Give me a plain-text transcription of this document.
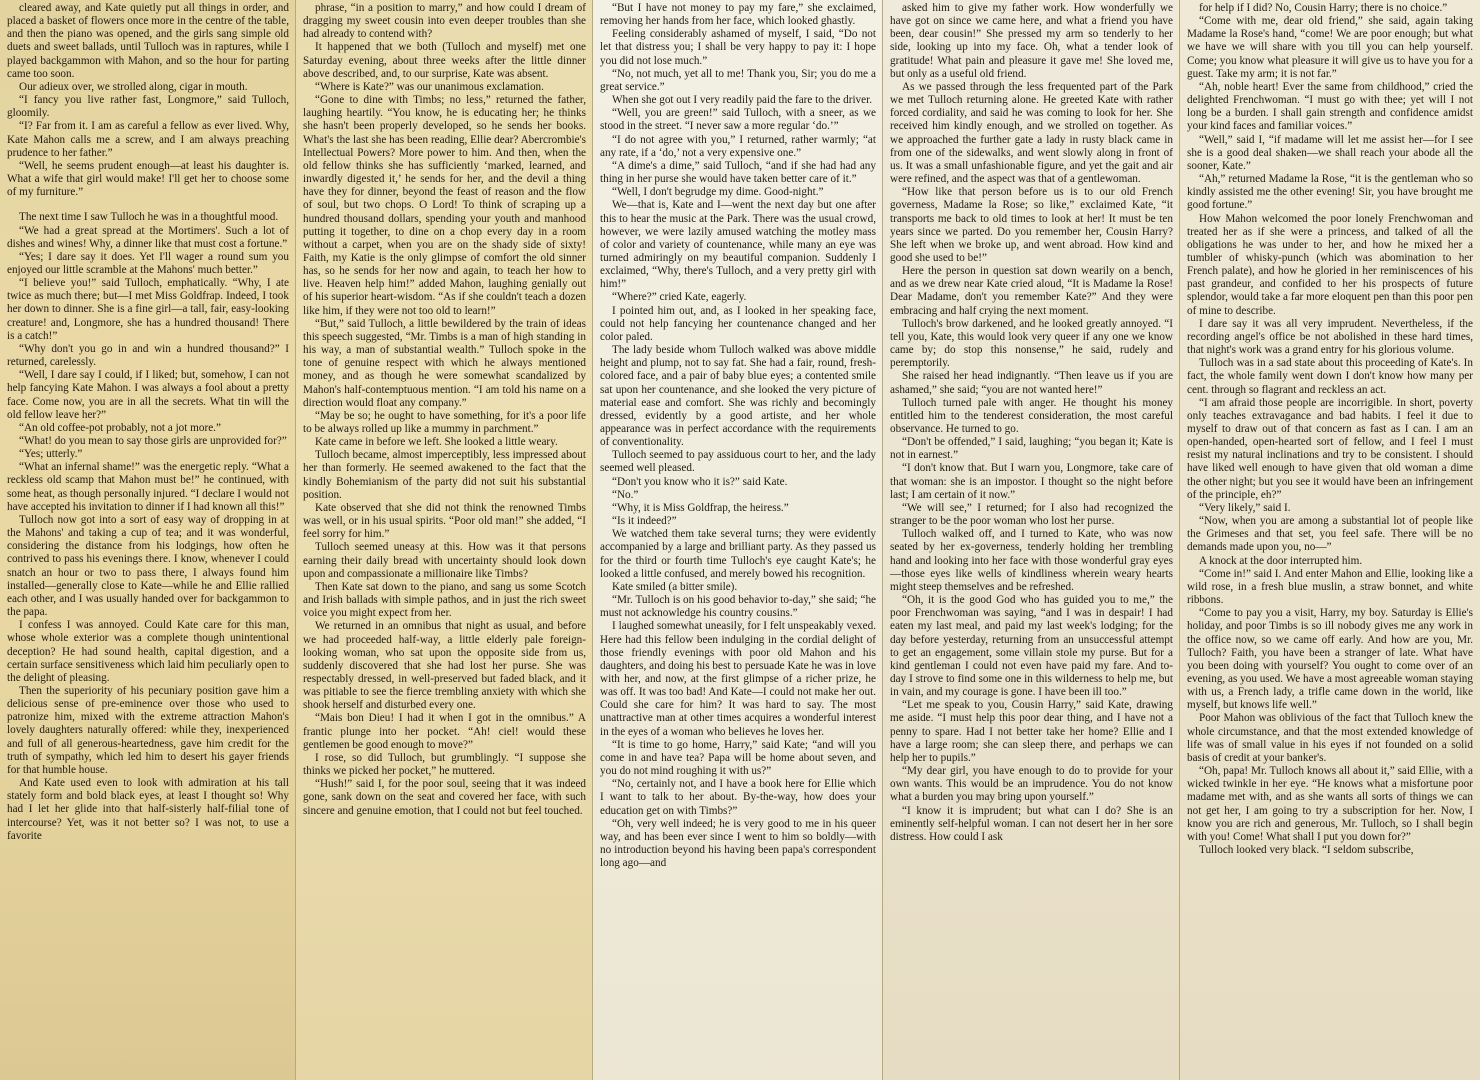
cleared away, and Kate quietly put all things in order, and placed a basket of flowers once more in the centre of the table, and then the piano was opened, and the girls sang simple old duets and sweet ballads, until Tulloch was in raptures, while I played backgammon with Mahon, and so the hour for parting came too soon.

Our adieux over, we strolled along, cigar in mouth.

“I fancy you live rather fast, Longmore,” said Tulloch, gloomily.

“I? Far from it. I am as careful a fellow as ever lived. Why, Kate Mahon calls me a screw, and I am always preaching prudence to her father.”

“Well, he seems prudent enough—at least his daughter is. What a wife that girl would make! I'll get her to choose some of my furniture.”

The next time I saw Tulloch he was in a thoughtful mood.

“We had a great spread at the Mortimers'. Such a lot of dishes and wines! Why, a dinner like that must cost a fortune.”

“Yes; I dare say it does. Yet I'll wager a round sum you enjoyed our little scramble at the Mahons' much better.”

“I believe you!” said Tulloch, emphatically. “Why, I ate twice as much there; but—I met Miss Goldfrap. Indeed, I took her down to dinner. She is a fine girl—a tall, fair, easy-looking creature! and, Longmore, she has a hundred thousand! There is a catch!”

“Why don't you go in and win a hundred thousand?” I returned, carelessly.

“Well, I dare say I could, if I liked; but, somehow, I can not help fancying Kate Mahon. I was always a fool about a pretty face. Come now, you are in all the secrets. What tin will the old fellow leave her?”

“An old coffee-pot probably, not a jot more.”

“What! do you mean to say those girls are unprovided for?”

“Yes; utterly.”

“What an infernal shame!” was the energetic reply. “What a reckless old scamp that Mahon must be!” he continued, with some heat, as though personally injured. “I declare I would not have accepted his invitation to dinner if I had known all this!”

Tulloch now got into a sort of easy way of dropping in at the Mahons' and taking a cup of tea; and it was wonderful, considering the distance from his lodgings, how often he contrived to pass his evenings there. I know, whenever I could snatch an hour or two to pass there, I always found him installed—generally close to Kate—while he and Ellie rallied each other, and I was usually handed over for backgammon to the papa.

I confess I was annoyed. Could Kate care for this man, whose whole exterior was a complete though unintentional deception? He had sound health, capital digestion, and a certain surface sensitiveness which laid him peculiarly open to the delight of pleasing.

Then the superiority of his pecuniary position gave him a delicious sense of pre-eminence over those who used to patronize him, mixed with the extreme attraction Mahon's lovely daughters naturally offered: while they, inexperienced and full of all generous-heartedness, gave him credit for the truth of sympathy, which led him to desert his gayer friends for that humble house.

And Kate used even to look with admiration at his tall stately form and bold black eyes, at least I thought so! Why had I let her glide into that half-sisterly half-filial tone of intercourse? Yet, was it not better so? I was not, to use a favorite

phrase, “in a position to marry,” and how could I dream of dragging my sweet cousin into even deeper troubles than she had already to contend with?

It happened that we both (Tulloch and myself) met one Saturday evening, about three weeks after the little dinner above described, and, to our surprise, Kate was absent.

“Where is Kate?” was our unanimous exclamation.

“Gone to dine with Timbs; no less,” returned the father, laughing heartily. “You know, he is educating her; he thinks she hasn't been properly developed, so he sends her books. What's the last she has been reading, Ellie dear? Abercrombie's Intellectual Powers? More power to him. And then, when the old fellow thinks she has sufficiently ‘marked, learned, and inwardly digested it,’ he sends for her, and the devil a thing have they for dinner, beyond the feast of reason and the flow of soul, but two chops. O Lord! To think of scraping up a hundred thousand dollars, spending your youth and manhood putting it together, to dine on a chop every day in a room without a carpet, when you are on the shady side of sixty! Faith, my Katie is the only glimpse of comfort the old sinner has, so he sends for her now and again, to teach her how to live. Heaven help him!” added Mahon, laughing genially out of his superior heart-wisdom. “As if she couldn't teach a dozen like him, if they were not too old to learn!”

“But,” said Tulloch, a little bewildered by the train of ideas this speech suggested, “Mr. Timbs is a man of high standing in his way, a man of substantial wealth.” Tulloch spoke in the tone of genuine respect with which he always mentioned money, and as though he were somewhat scandalized by Mahon's half-contemptuous mention. “I am told his name on a direction would float any company.”

“May be so; he ought to have something, for it's a poor life to be always rolled up like a mummy in parchment.”

Kate came in before we left. She looked a little weary.

Tulloch became, almost imperceptibly, less impressed about her than formerly. He seemed awakened to the fact that the kindly Bohemianism of the party did not suit his substantial position.

Kate observed that she did not think the renowned Timbs was well, or in his usual spirits. “Poor old man!” she added, “I feel sorry for him.”

Tulloch seemed uneasy at this. How was it that persons earning their daily bread with uncertainty should look down upon and compassionate a millionaire like Timbs?

Then Kate sat down to the piano, and sang us some Scotch and Irish ballads with simple pathos, and in just the rich sweet voice you might expect from her.

We returned in an omnibus that night as usual, and before we had proceeded half-way, a little elderly pale foreign-looking woman, who sat upon the opposite side from us, suddenly discovered that she had lost her purse. She was respectably dressed, in well-preserved but faded black, and it was pitiable to see the fierce trembling anxiety with which she shook herself and disturbed every one.

“Mais bon Dieu! I had it when I got in the omnibus.” A frantic plunge into her pocket. “Ah! ciel! would these gentlemen be good enough to move?”

I rose, so did Tulloch, but grumblingly. “I suppose she thinks we picked her pocket,” he muttered.

“Hush!” said I, for the poor soul, seeing that it was indeed gone, sank down on the seat and covered her face, with such sincere and genuine emotion, that I could not but feel touched.

“But I have not money to pay my fare,” she exclaimed, removing her hands from her face, which looked ghastly.

Feeling considerably ashamed of myself, I said, “Do not let that distress you; I shall be very happy to pay it: I hope you did not lose much.”

“No, not much, yet all to me! Thank you, Sir; you do me a great service.”

When she got out I very readily paid the fare to the driver.

“Well, you are green!” said Tulloch, with a sneer, as we stood in the street. “I never saw a more regular ‘do.’”

“I do not agree with you,” I returned, rather warmly; “at any rate, if a ‘do,’ not a very expensive one.”

“A dime's a dime,” said Tulloch, “and if she had had any thing in her purse she would have taken better care of it.”

“Well, I don't begrudge my dime. Good-night.”

We—that is, Kate and I—went the next day but one after this to hear the music at the Park. There was the usual crowd, however, we were lazily amused watching the motley mass of color and variety of countenance, while many an eye was turned admiringly on my beautiful companion. Suddenly I exclaimed, “Why, there's Tulloch, and a very pretty girl with him!”

“Where?” cried Kate, eagerly.

I pointed him out, and, as I looked in her speaking face, could not help fancying her countenance changed and her color paled.

The lady beside whom Tulloch walked was above middle height and plump, not to say fat. She had a fair, round, fresh-colored face, and a pair of baby blue eyes; a contented smile sat upon her countenance, and she looked the very picture of material ease and comfort. She was richly and becomingly dressed, evidently by a good artiste, and her whole appearance was in perfect accordance with the requirements of conventionality.

Tulloch seemed to pay assiduous court to her, and the lady seemed well pleased.

“Don't you know who it is?” said Kate.

“No.”

“Why, it is Miss Goldfrap, the heiress.”

“Is it indeed?”

We watched them take several turns; they were evidently accompanied by a large and brilliant party. As they passed us for the third or fourth time Tulloch's eye caught Kate's; he looked a little confused, and merely bowed his recognition.

Kate smiled (a bitter smile).

“Mr. Tulloch is on his good behavior to-day,” she said; “he must not acknowledge his country cousins.”

I laughed somewhat uneasily, for I felt unspeakably vexed. Here had this fellow been indulging in the cordial delight of those friendly evenings with poor old Mahon and his daughters, and doing his best to persuade Kate he was in love with her, and now, at the first glimpse of a richer prize, he was off. It was too bad! And Kate—I could not make her out. Could she care for him? It was hard to say. The most unattractive man at other times acquires a wonderful interest in the eyes of a woman who believes he loves her.

“It is time to go home, Harry,” said Kate; “and will you come in and have tea? Papa will be home about seven, and you do not mind roughing it with us?”

“No, certainly not, and I have a book here for Ellie which I want to talk to her about. By-the-way, how does your education get on with Timbs?”

“Oh, very well indeed; he is very good to me in his queer way, and has been ever since I went to him so boldly—with no introduction beyond his having been papa's correspondent long ago—and

asked him to give my father work. How wonderfully we have got on since we came here, and what a friend you have been, dear cousin!” She pressed my arm so tenderly to her side, looking up into my face. Oh, what a tender look of gratitude! What pain and pleasure it gave me! She loved me, but only as a useful old friend.

As we passed through the less frequented part of the Park we met Tulloch returning alone. He greeted Kate with rather forced cordiality, and said he was coming to look for her. She received him kindly enough, and we strolled on together. As we approached the further gate a lady in rusty black came in from one of the sidewalks, and went slowly along in front of us. It was a small unfashionable figure, and yet the gait and air were refined, and the aspect was that of a gentlewoman.

“How like that person before us is to our old French governess, Madame la Rose; so like,” exclaimed Kate, “it transports me back to old times to look at her! It must be ten years since we parted. Do you remember her, Cousin Harry? She left when we broke up, and went abroad. How kind and good she used to be!”

Here the person in question sat down wearily on a bench, and as we drew near Kate cried aloud, “It is Madame la Rose! Dear Madame, don't you remember Kate?” And they were embracing and half crying the next moment.

Tulloch's brow darkened, and he looked greatly annoyed. “I tell you, Kate, this would look very queer if any one we know came by; do stop this nonsense,” he said, rudely and peremptorily.

She raised her head indignantly. “Then leave us if you are ashamed,” she said; “you are not wanted here!”

Tulloch turned pale with anger. He thought his money entitled him to the tenderest consideration, the most careful observance. He turned to go.

“Don't be offended,” I said, laughing; “you began it; Kate is not in earnest.”

“I don't know that. But I warn you, Longmore, take care of that woman: she is an impostor. I thought so the night before last; I am certain of it now.”

“We will see,” I returned; for I also had recognized the stranger to be the poor woman who lost her purse.

Tulloch walked off, and I turned to Kate, who was now seated by her ex-governess, tenderly holding her trembling hand and looking into her face with those wonderful gray eyes—those eyes like wells of kindliness wherein weary hearts might steep themselves and be refreshed.

“Oh, it is the good God who has guided you to me,” the poor Frenchwoman was saying, “and I was in despair! I had eaten my last meal, and paid my last week's lodging; for the day before yesterday, returning from an unsuccessful attempt to get an engagement, some villain stole my purse. But for a kind gentleman I could not even have paid my fare. And to-day I strove to find some one in this wilderness to help me, but in vain, and my courage is gone. I have been ill too.”

“Let me speak to you, Cousin Harry,” said Kate, drawing me aside. “I must help this poor dear thing, and I have not a penny to spare. Had I not better take her home? Ellie and I have a large room; she can sleep there, and perhaps we can help her to pupils.”

“My dear girl, you have enough to do to provide for your own wants. This would be an imprudence. You do not know what a burden you may bring upon yourself.”

“I know it is imprudent; but what can I do? She is an eminently self-helpful woman. I can not desert her in her sore distress. How could I ask

for help if I did? No, Cousin Harry; there is no choice.”

“Come with me, dear old friend,” she said, again taking Madame la Rose's hand, “come! We are poor enough; but what we have we will share with you till you can help yourself. Come; you know what pleasure it will give us to have you for a guest. Take my arm; it is not far.”

“Ah, noble heart! Ever the same from childhood,” cried the delighted Frenchwoman. “I must go with thee; yet will I not long be a burden. I shall gain strength and confidence amidst your kind faces and familiar voices.”

“Well,” said I, “if madame will let me assist her—for I see she is a good deal shaken—we shall reach your abode all the sooner, Kate.”

“Ah,” returned Madame la Rose, “it is the gentleman who so kindly assisted me the other evening! Sir, you have brought me good fortune.”

How Mahon welcomed the poor lonely Frenchwoman and treated her as if she were a princess, and talked of all the obligations he was under to her, and how he mixed her a tumbler of whisky-punch (which was abomination to her French palate), and how he gloried in her reminiscences of his past grandeur, and confided to her his prospects of future splendor, would take a far more eloquent pen than this poor pen of mine to describe.

I dare say it was all very imprudent. Nevertheless, if the recording angel's office be not abolished in these hard times, that night's work was a grand entry for his glorious volume.

Tulloch was in a sad state about this proceeding of Kate's. In fact, the whole family went down I don't know how many per cent. through so flagrant and reckless an act.

“I am afraid those people are incorrigible. In short, poverty only teaches extravagance and bad habits. I feel it due to myself to draw out of that concern as fast as I can. I am an open-handed, open-hearted sort of fellow, and I feel I must resist my natural inclinations and try to be consistent. I should have liked well enough to have given that old woman a dime the other night; but you see it would have been an infringement of the principle, eh?”

“Very likely,” said I.

“Now, when you are among a substantial lot of people like the Grimeses and that set, you feel safe. There will be no demands made upon you, no—”

A knock at the door interrupted him.

“Come in!” said I. And enter Mahon and Ellie, looking like a wild rose, in a fresh blue muslin, a straw bonnet, and white ribbons.

“Come to pay you a visit, Harry, my boy. Saturday is Ellie's holiday, and poor Timbs is so ill nobody gives me any work in the office now, so we came off early. And how are you, Mr. Tulloch? Faith, you have been a stranger of late. What have you been doing with yourself? You ought to come over of an evening, as you used. We have a most agreeable woman staying with us, a French lady, a trifle came down in the world, like myself, but knows life well.”

Poor Mahon was oblivious of the fact that Tulloch knew the whole circumstance, and that the most extended knowledge of life was of small value in his eyes if not founded on a solid basis of credit at your banker's.

“Oh, papa! Mr. Tulloch knows all about it,” said Ellie, with a wicked twinkle in her eye. “He knows what a misfortune poor madame met with, and as she wants all sorts of things we can not get her, I am going to try a subscription for her. Now, I know you are rich and generous, Mr. Tulloch, so I shall begin with you! Come! What shall I put you down for?”

Tulloch looked very black. “I seldom subscribe,
